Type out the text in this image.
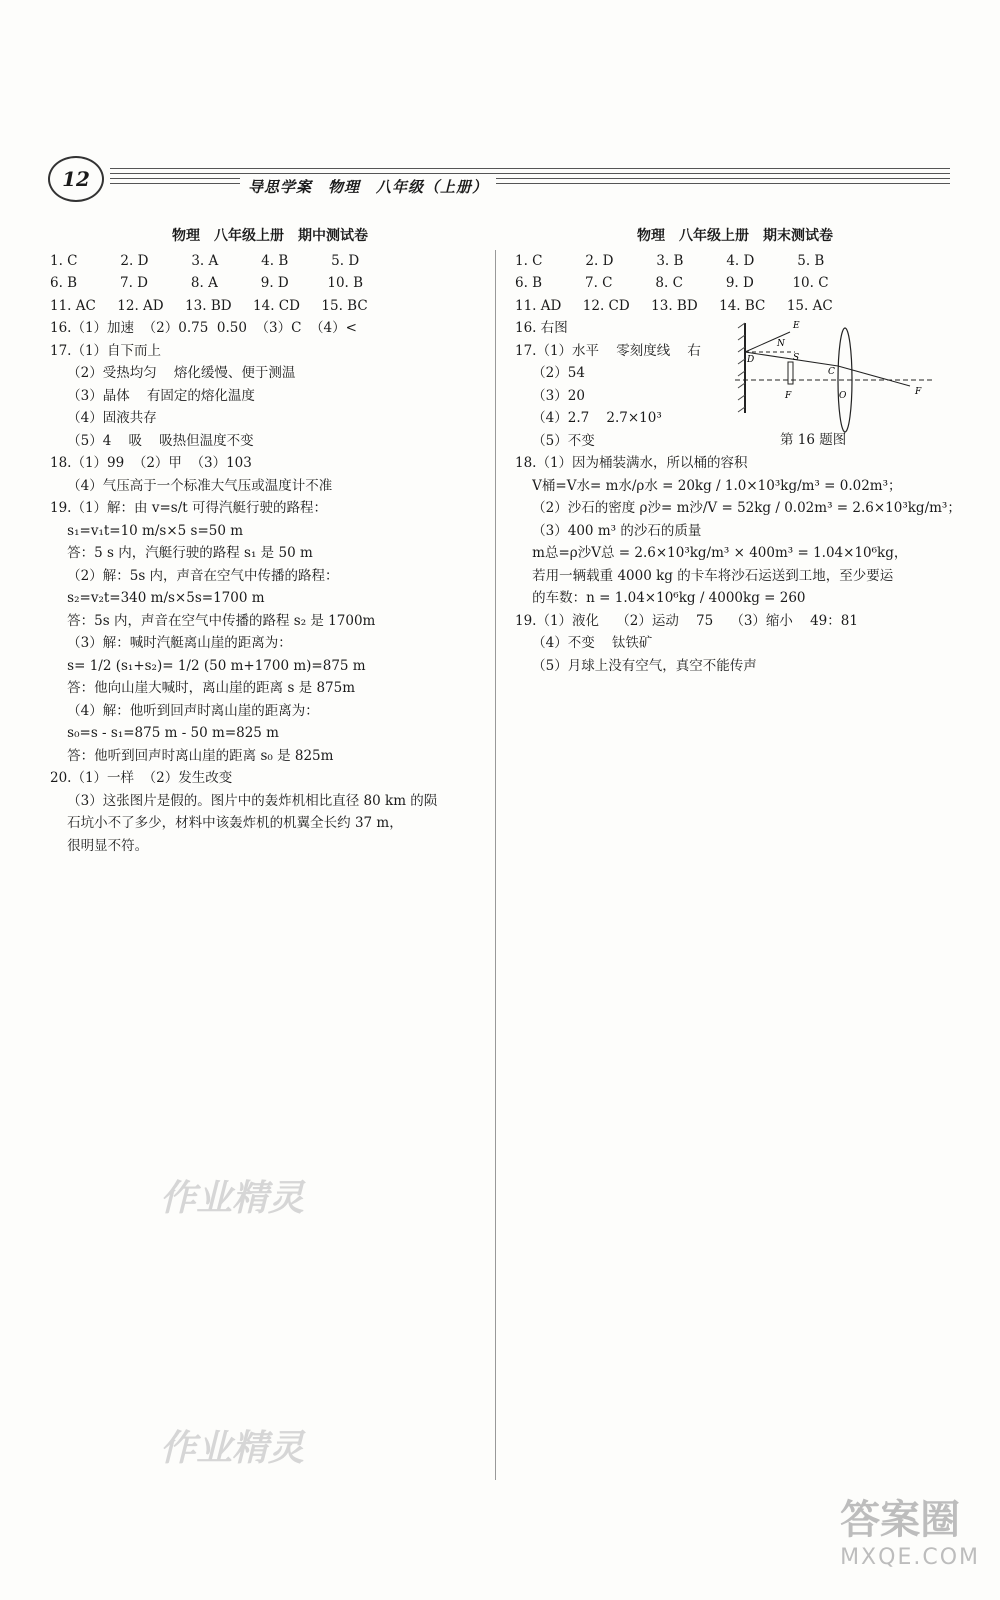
12	导思学案　物理　八年级（上册）
物理　八年级上册　期中测试卷
1. C          2. D          3. A          4. B          5. D
6. B          7. D          8. A          9. D         10. B
11. AC     12. AD     13. BD     14. CD     15. BC
16.（1）加速  （2）0.75  0.50  （3）C  （4）<
17.（1）自下而上
（2）受热均匀    熔化缓慢、便于测温
（3）晶体    有固定的熔化温度
（4）固液共存
（5）4    吸    吸热但温度不变
18.（1）99  （2）甲  （3）103
（4）气压高于一个标准大气压或温度计不准
19.（1）解：由 v=s/t 可得汽艇行驶的路程：
s₁=v₁t=10 m/s×5 s=50 m
答：5 s 内，汽艇行驶的路程 s₁ 是 50 m
（2）解：5s 内，声音在空气中传播的路程：
s₂=v₂t=340 m/s×5s=1700 m
答：5s 内，声音在空气中传播的路程 s₂ 是 1700m
（3）解：喊时汽艇离山崖的距离为：
s= 1/2 (s₁+s₂)= 1/2 (50 m+1700 m)=875 m
答：他向山崖大喊时，离山崖的距离 s 是 875m
（4）解：他听到回声时离山崖的距离为：
s₀=s - s₁=875 m - 50 m=825 m
答：他听到回声时离山崖的距离 s₀ 是 825m
20.（1）一样  （2）发生改变
（3）这张图片是假的。图片中的轰炸机相比直径 80 km 的陨
石坑小不了多少，材料中该轰炸机的机翼全长约 37 m，
很明显不符。
物理　八年级上册　期末测试卷
1. C          2. D          3. B          4. D          5. B
6. B          7. C          8. C          9. D         10. C
11. AD     12. CD     13. BD     14. BC     15. AC
16. 右图
17.（1）水平    零刻度线    右
（2）54
（3）20
（4）2.7    2.7×10³
（5）不变
18.（1）因为桶装满水，所以桶的容积
V桶=V水= m水/ρ水 = 20kg / 1.0×10³kg/m³ = 0.02m³；
（2）沙石的密度 ρ沙= m沙/V = 52kg / 0.02m³ = 2.6×10³kg/m³；
（3）400 m³ 的沙石的质量
m总=ρ沙V总 = 2.6×10³kg/m³ × 400m³ = 1.04×10⁶kg，
若用一辆载重 4000 kg 的卡车将沙石运送到工地，至少要运
的车数：n = 1.04×10⁶kg / 4000kg = 260
19.（1）液化    （2）运动    75    （3）缩小    49：81
（4）不变    钛铁矿
（5）月球上没有空气，真空不能传声
E
N
D	S
C
F	O	F
第 16 题图
作业精灵
作业精灵
答案圈
MXQE.COM
